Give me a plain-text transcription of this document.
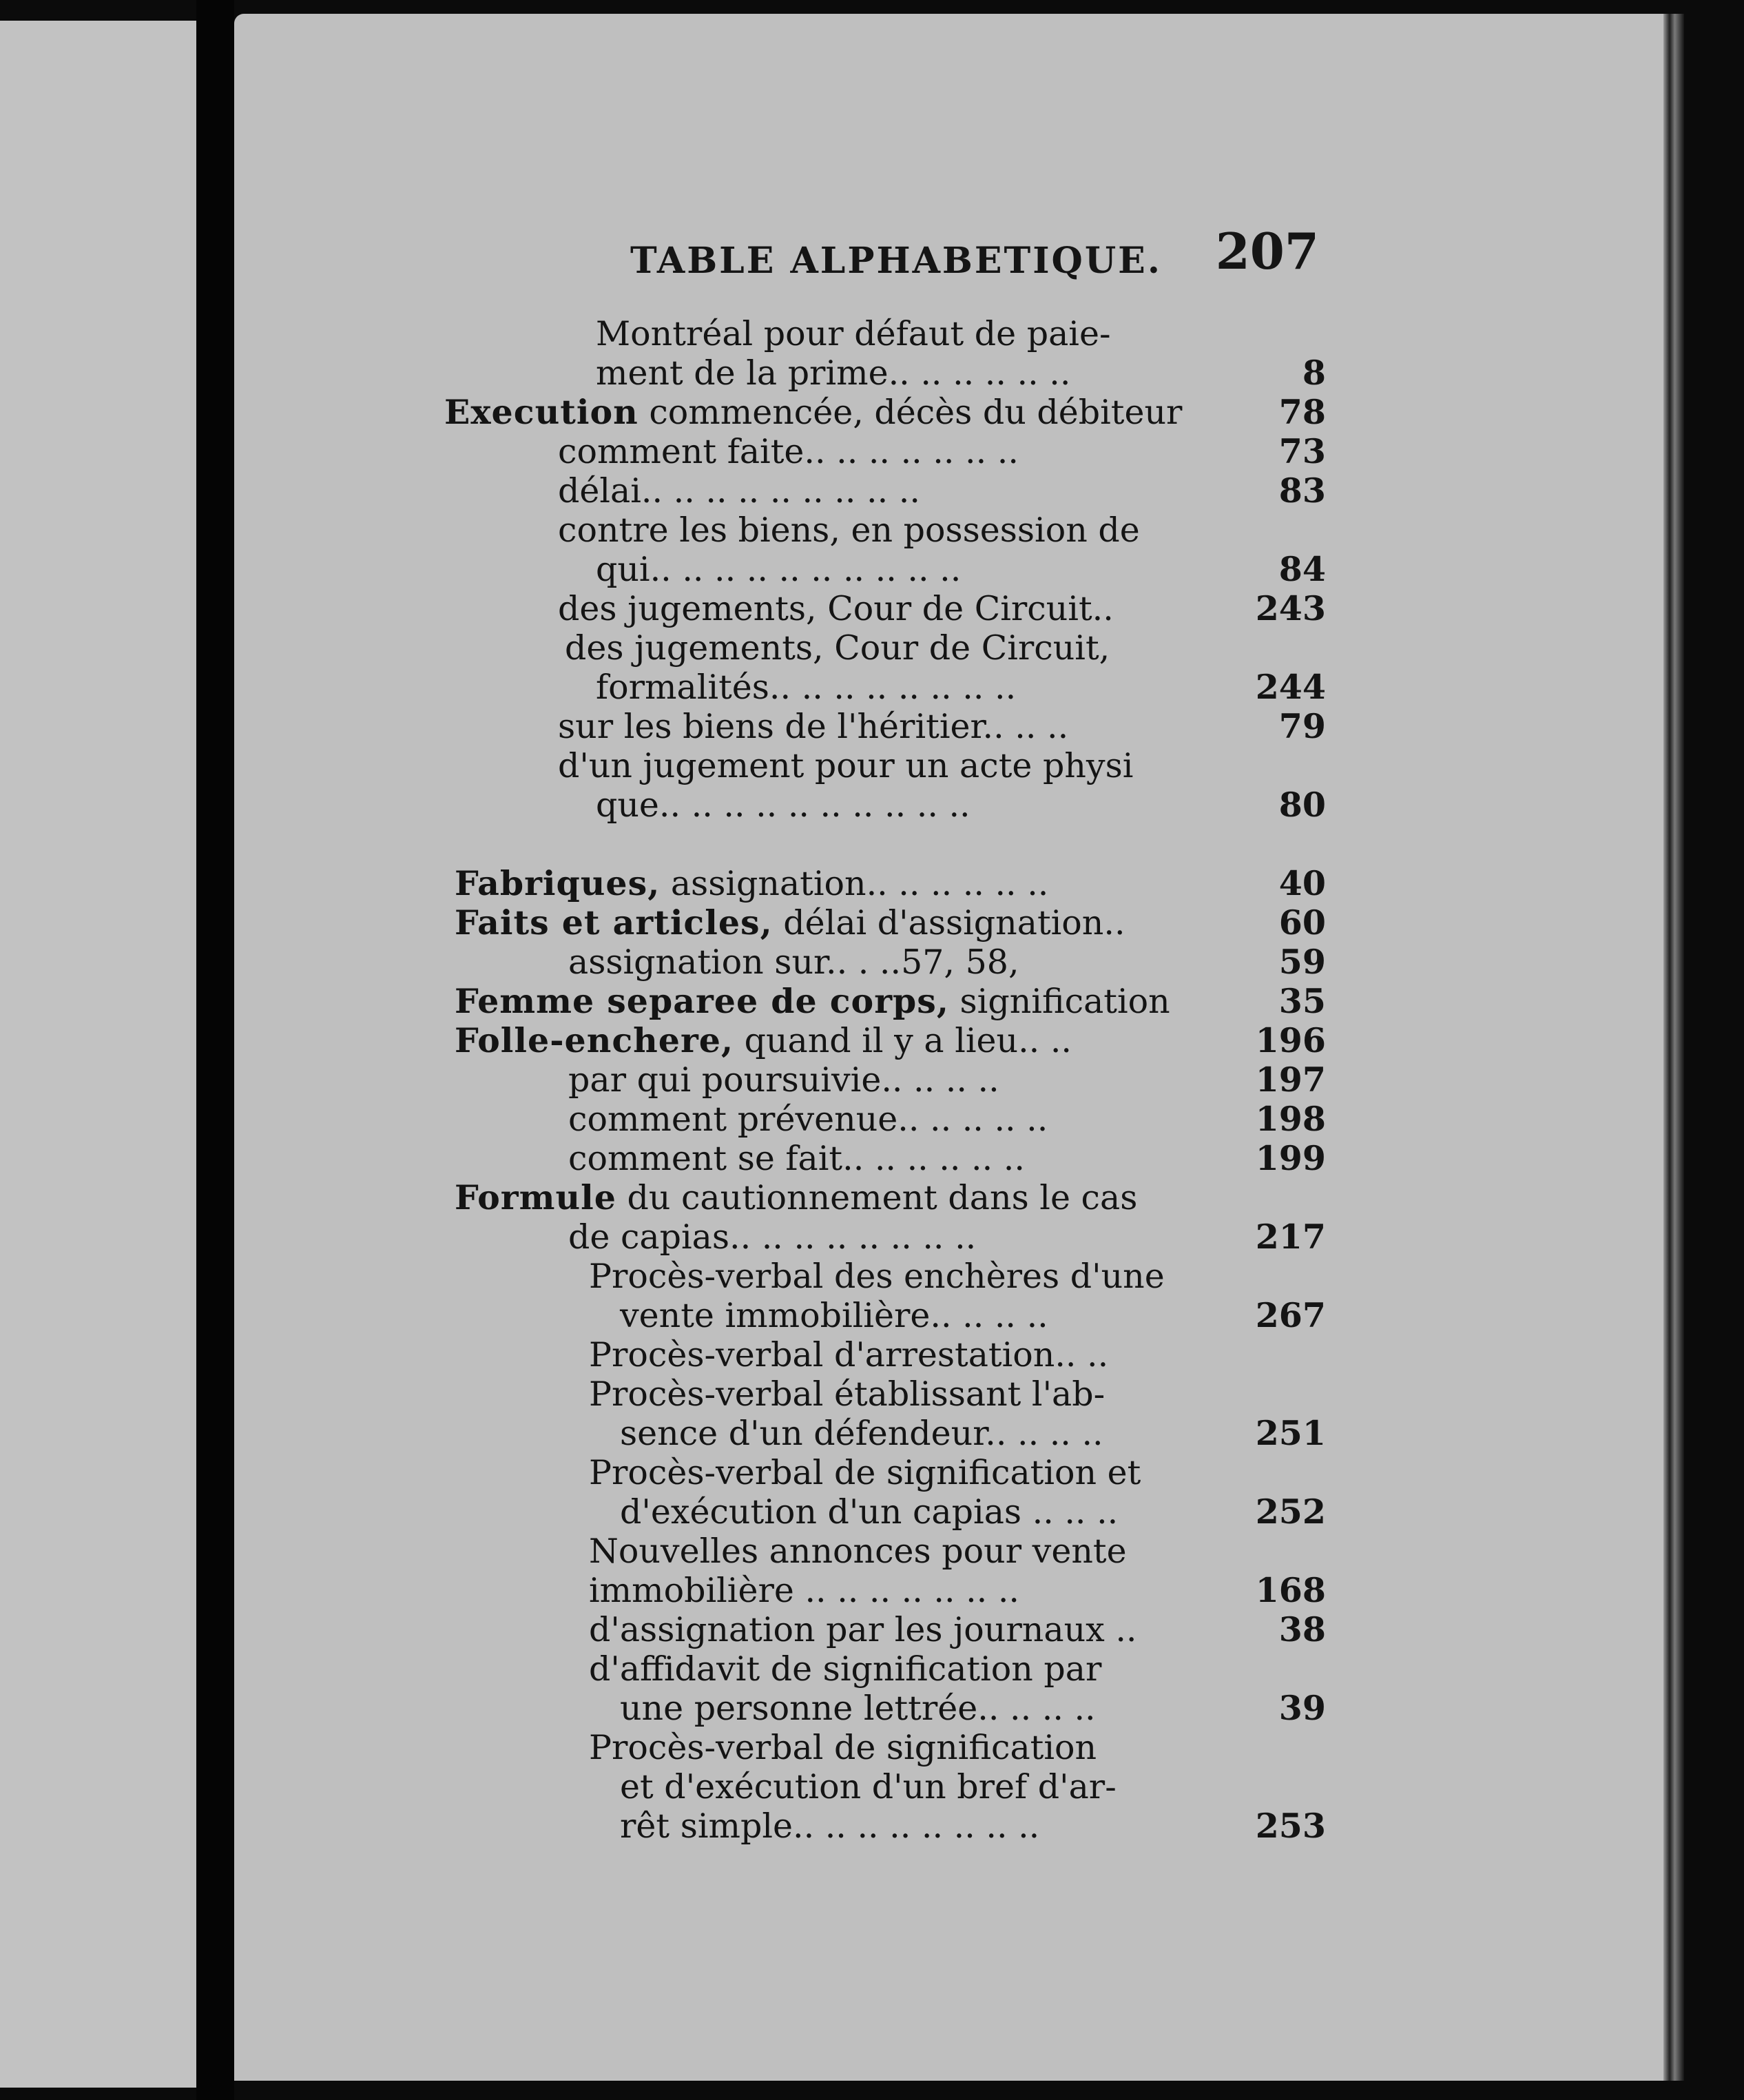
TABLE ALPHABETIQUE. 207
Montréal pour défaut de paie-
ment de la prime.. .. .. .. .. ..	8
Execution commencée, décès du débiteur	78
comment faite.. .. .. .. .. .. ..	73
délai.. .. .. .. .. .. .. .. ..	83
contre les biens, en possession de
qui.. .. .. .. .. .. .. .. .. ..	84
des jugements, Cour de Circuit..	243
des jugements, Cour de Circuit,
formalités.. .. .. .. .. .. .. ..	244
sur les biens de l'héritier.. .. ..	79
d'un jugement pour un acte physi
que.. .. .. .. .. .. .. .. .. ..	80
Fabriques, assignation.. .. .. .. .. ..	40
Faits et articles, délai d'assignation..	60
assignation sur.. . ..57, 58,	59
Femme separee de corps, signification	35
Folle-enchere, quand il y a lieu.. ..	196
par qui poursuivie.. .. .. ..	197
comment prévenue.. .. .. .. ..	198
comment se fait.. .. .. .. .. ..	199
Formule du cautionnement dans le cas
de capias.. .. .. .. .. .. .. ..	217
Procès-verbal des enchères d'une
vente immobilière.. .. .. ..	267
Procès-verbal d'arrestation.. ..
Procès-verbal établissant l'ab-
sence d'un défendeur.. .. .. ..	251
Procès-verbal de signification et
d'exécution d'un capias .. .. ..	252
Nouvelles annonces pour vente
immobilière .. .. .. .. .. .. ..	168
d'assignation par les journaux ..	38
d'affidavit de signification par
une personne lettrée.. .. .. ..	39
Procès-verbal de signification
et d'exécution d'un bref d'ar-
rêt simple.. .. .. .. .. .. .. ..	253
